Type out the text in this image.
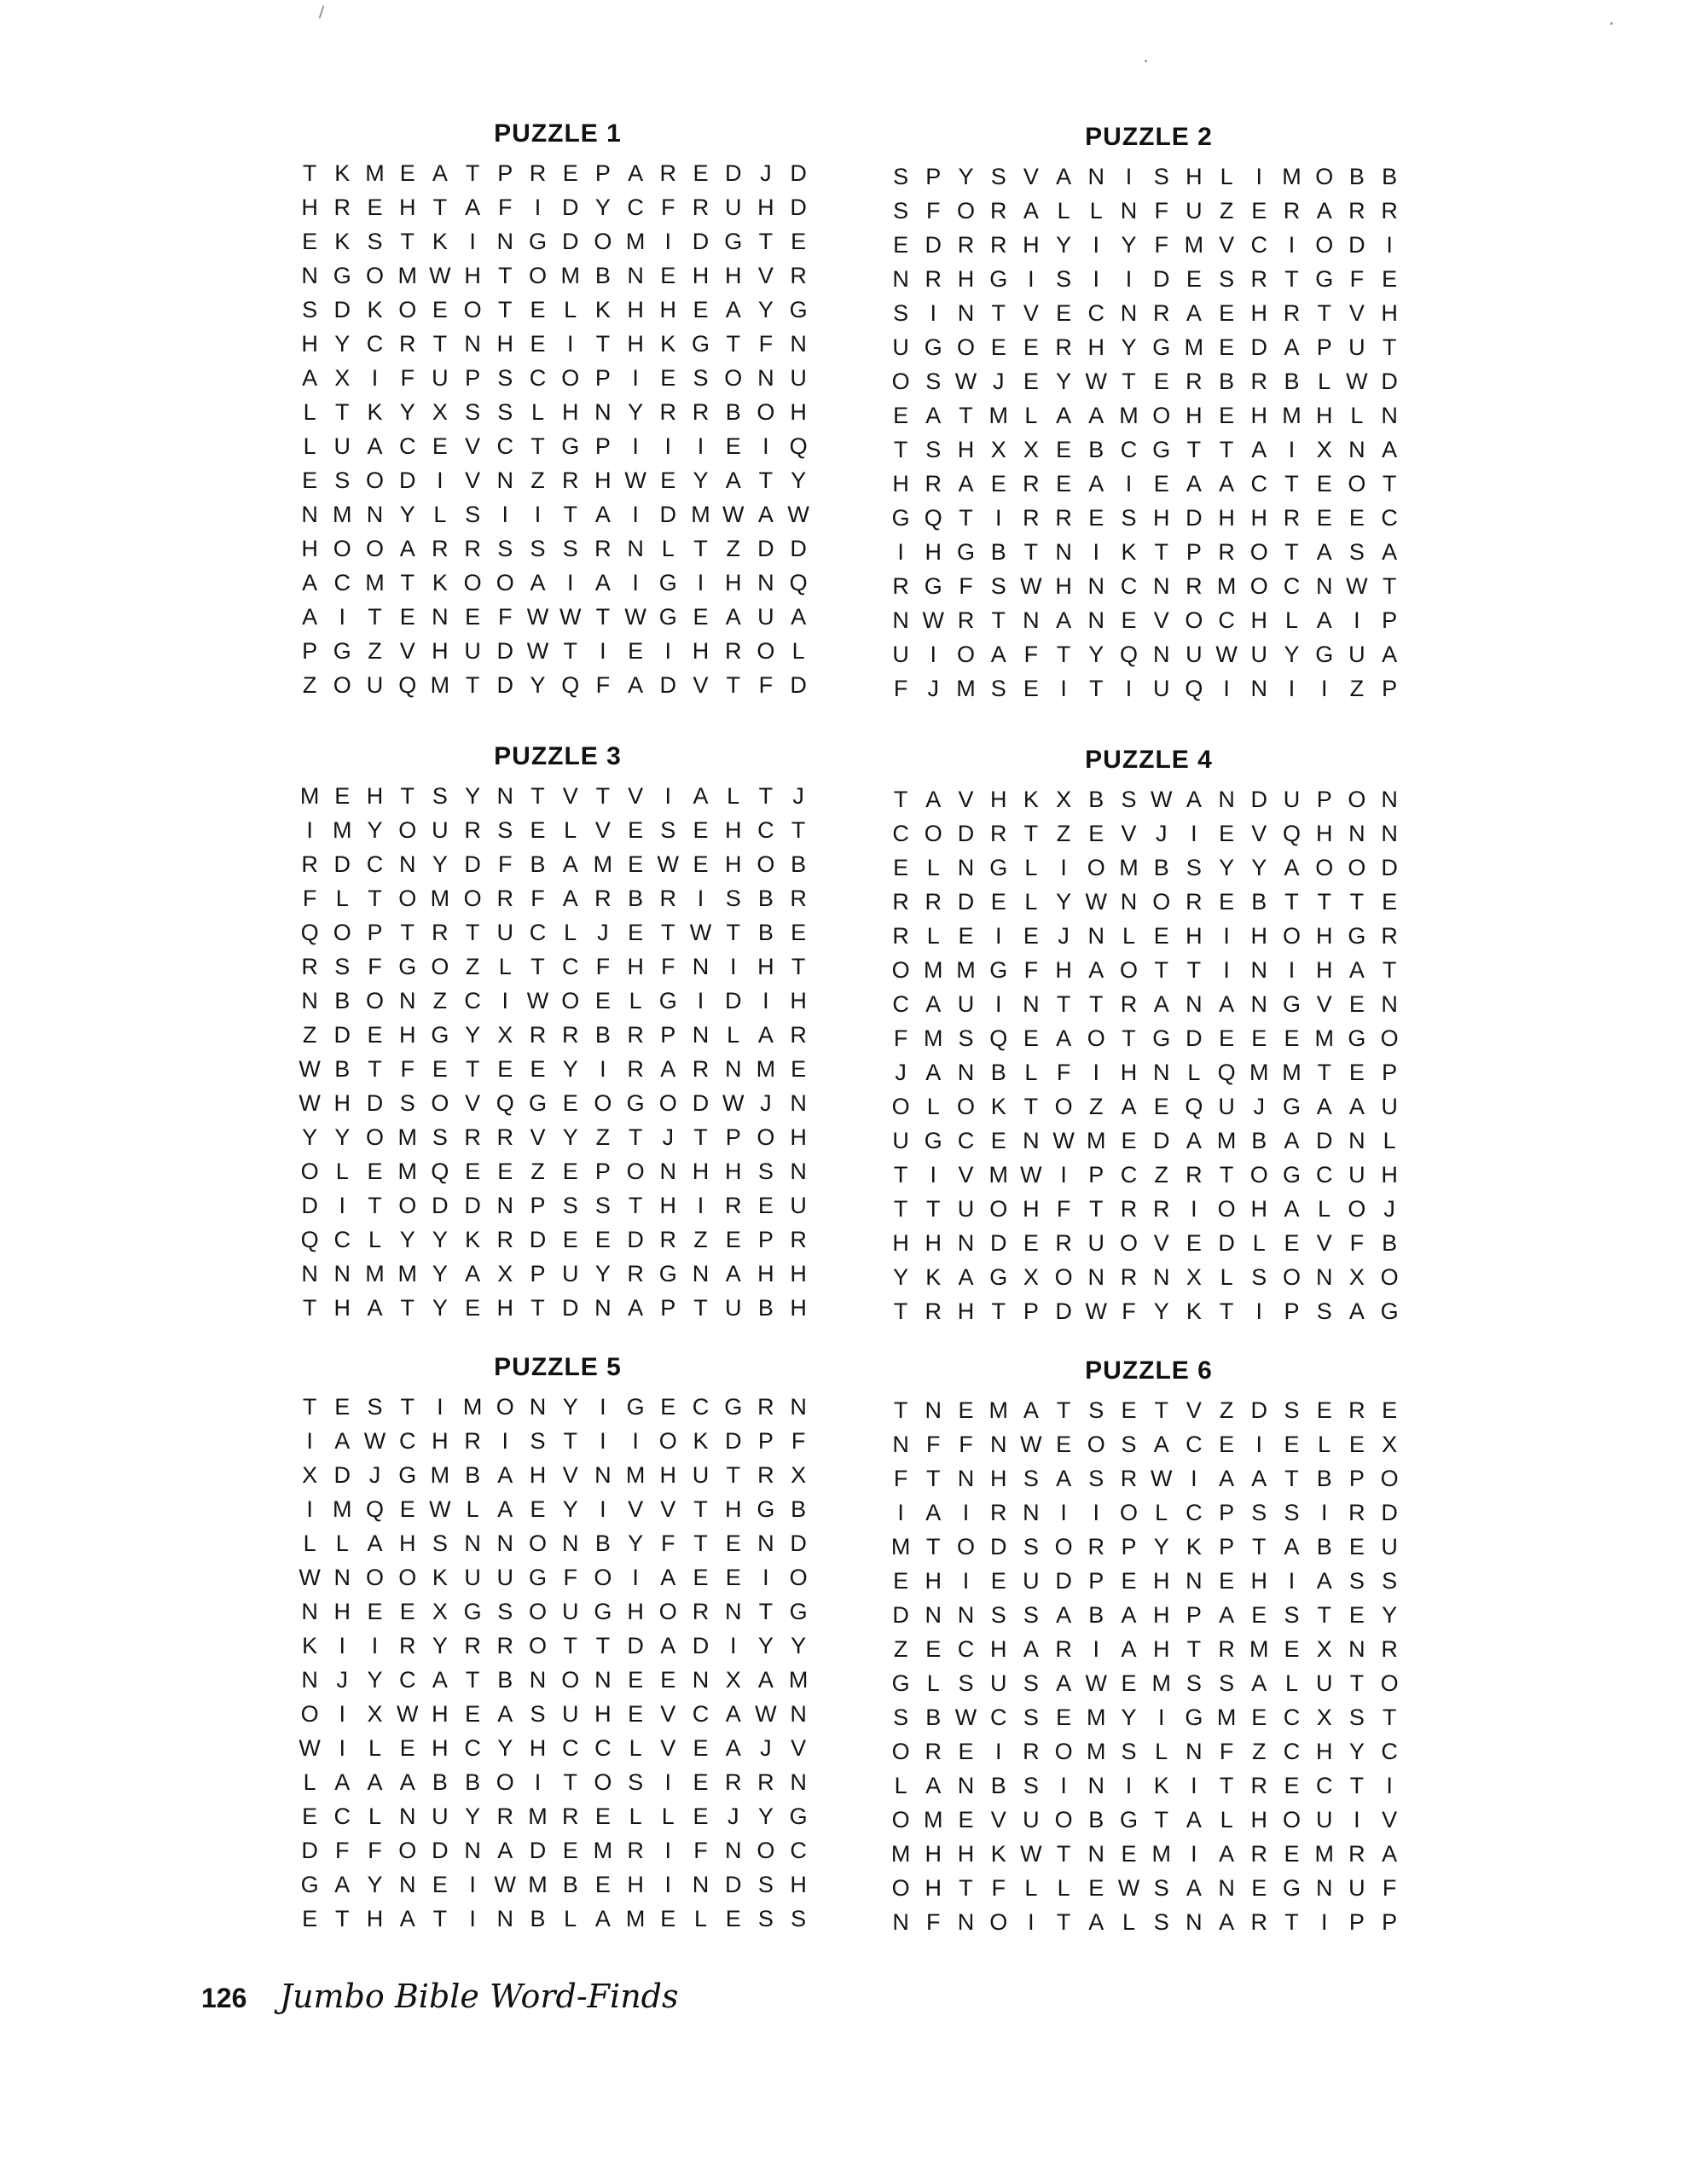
PUZZLE 1
T K M E A T P R E P A R E D J D
H R E H T A F I D Y C F R U H D
E K S T K I N G D O M I D G T E
N G O M W H T O M B N E H H V R
S D K O E O T E L K H H E A Y G
H Y C R T N H E I T H K G T F N
A X I F U P S C O P I E S O N U
L T K Y X S S L H N Y R R B O H
L U A C E V C T G P I I I E I Q
E S O D I V N Z R H W E Y A T Y
N M N Y L S I I T A I D M W A W
H O O A R R S S S R N L T Z D D
A C M T K O O A I A I G I H N Q
A I T E N E F W W T W G E A U A
P G Z V H U D W T I E I H R O L
Z O U Q M T D Y Q F A D V T F D
PUZZLE 2
S P Y S V A N I S H L I M O B B
S F O R A L L N F U Z E R A R R
E D R R H Y I Y F M V C I O D I
N R H G I S I I D E S R T G F E
S I N T V E C N R A E H R T V H
U G O E E R H Y G M E D A P U T
O S W J E Y W T E R B R B L W D
E A T M L A A M O H E H M H L N
T S H X X E B C G T T A I X N A
H R A E R E A I E A A C T E O T
G Q T I R R E S H D H H R E E C
I H G B T N I K T P R O T A S A
R G F S W H N C N R M O C N W T
N W R T N A N E V O C H L A I P
U I O A F T Y Q N U W U Y G U A
F J M S E I T I U Q I N I I Z P
PUZZLE 3
M E H T S Y N T V T V I A L T J
I M Y O U R S E L V E S E H C T
R D C N Y D F B A M E W E H O B
F L T O M O R F A R B R I S B R
Q O P T R T U C L J E T W T B E
R S F G O Z L T C F H F N I H T
N B O N Z C I W O E L G I D I H
Z D E H G Y X R R B R P N L A R
W B T F E T E E Y I R A R N M E
W H D S O V Q G E O G O D W J N
Y Y O M S R R V Y Z T J T P O H
O L E M Q E E Z E P O N H H S N
D I T O D D N P S S T H I R E U
Q C L Y Y K R D E E D R Z E P R
N N M M Y A X P U Y R G N A H H
T H A T Y E H T D N A P T U B H
PUZZLE 4
T A V H K X B S W A N D U P O N
C O D R T Z E V J I E V Q H N N
E L N G L I O M B S Y Y A O O D
R R D E L Y W N O R E B T T T E
R L E I E J N L E H I H O H G R
O M M G F H A O T T I N I H A T
C A U I N T T R A N A N G V E N
F M S Q E A O T G D E E E M G O
J A N B L F I H N L Q M M T E P
O L O K T O Z A E Q U J G A A U
U G C E N W M E D A M B A D N L
T I V M W I P C Z R T O G C U H
T T U O H F T R R I O H A L O J
H H N D E R U O V E D L E V F B
Y K A G X O N R N X L S O N X O
T R H T P D W F Y K T I P S A G
PUZZLE 5
T E S T I M O N Y I G E C G R N
I A W C H R I S T I I O K D P F
X D J G M B A H V N M H U T R X
I M Q E W L A E Y I V V T H G B
L L A H S N N O N B Y F T E N D
W N O O K U U G F O I A E E I O
N H E E X G S O U G H O R N T G
K I I R Y R R O T T D A D I Y Y
N J Y C A T B N O N E E N X A M
O I X W H E A S U H E V C A W N
W I L E H C Y H C C L V E A J V
L A A A B B O I T O S I E R R N
E C L N U Y R M R E L L E J Y G
D F F O D N A D E M R I F N O C
G A Y N E I W M B E H I N D S H
E T H A T I N B L A M E L E S S
PUZZLE 6
T N E M A T S E T V Z D S E R E
N F F N W E O S A C E I E L E X
F T N H S A S R W I A A T B P O
I A I R N I I O L C P S S I R D
M T O D S O R P Y K P T A B E U
E H I E U D P E H N E H I A S S
D N N S S A B A H P A E S T E Y
Z E C H A R I A H T R M E X N R
G L S U S A W E M S S A L U T O
S B W C S E M Y I G M E C X S T
O R E I R O M S L N F Z C H Y C
L A N B S I N I K I T R E C T I
O M E V U O B G T A L H O U I V
M H H K W T N E M I A R E M R A
O H T F L L E W S A N E G N U F
N F N O I T A L S N A R T I P P
126 Jumbo Bible Word-Finds
